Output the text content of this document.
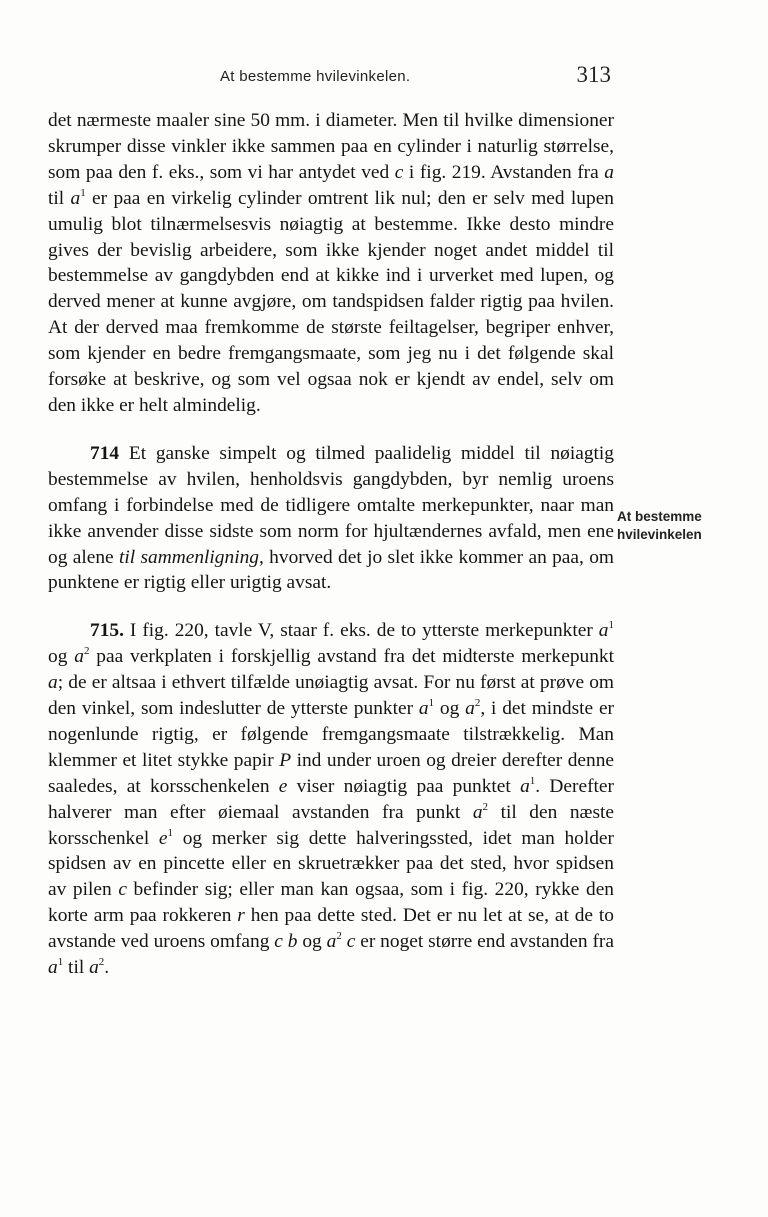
At bestemme hvilevinkelen.	313
At bestemme
hvilevinkelen

det nærmeste maaler sine 50 mm. i diameter. Men til hvilke dimensioner skrumper disse vinkler ikke sammen paa en cylinder i naturlig størrelse, som paa den f. eks., som vi har antydet ved c i fig. 219. Avstanden fra a til $a^1$ er paa en virkelig cylinder omtrent lik nul; den er selv med lupen umulig blot tilnærmelsesvis nøiagtig at bestemme. Ikke desto mindre gives der bevislig arbeidere, som ikke kjender noget andet middel til bestemmelse av gangdybden end at kikke ind i urverket med lupen, og derved mener at kunne avgjøre, om tandspidsen falder rigtig paa hvilen. At der derved maa fremkomme de største feiltagelser, begriper enhver, som kjender en bedre fremgangsmaate, som jeg nu i det følgende skal forsøke at beskrive, og som vel ogsaa nok er kjendt av endel, selv om den ikke er helt almindelig.

714 Et ganske simpelt og tilmed paalidelig middel til nøiagtig bestemmelse av hvilen, henholdsvis gangdybden, byr nemlig uroens omfang i forbindelse med de tidligere omtalte merkepunkter, naar man ikke anvender disse sidste som norm for hjultændernes avfald, men ene og alene til sammenligning, hvorved det jo slet ikke kommer an paa, om punktene er rigtig eller urigtig avsat.

715. I fig. 220, tavle V, staar f. eks. de to ytterste merkepunkter $a^1$ og $a^2$ paa verkplaten i forskjellig avstand fra det midterste merkepunkt a; de er altsaa i ethvert tilfælde unøiagtig avsat. For nu først at prøve om den vinkel, som indeslutter de ytterste punkter $a^1$ og $a^2$, i det mindste er nogenlunde rigtig, er følgende fremgangsmaate tilstrækkelig. Man klemmer et litet stykke papir P ind under uroen og dreier derefter denne saaledes, at korsschenkelen e viser nøiagtig paa punktet $a^1$. Derefter halverer man efter øiemaal avstanden fra punkt $a^2$ til den næste korsschenkel $e^1$ og merker sig dette halveringssted, idet man holder spidsen av en pincette eller en skruetrækker paa det sted, hvor spidsen av pilen c befinder sig; eller man kan ogsaa, som i fig. 220, rykke den korte arm paa rokkeren r hen paa dette sted. Det er nu let at se, at de to avstande ved uroens omfang c b og $a^2$ c er noget større end avstanden fra $a^1$ til $a^2$.
